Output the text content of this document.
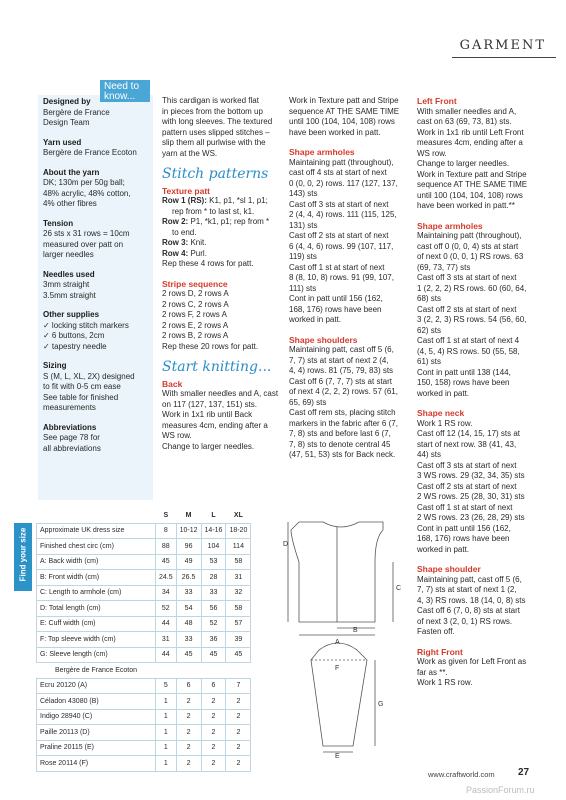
GARMENT
Need to know...
Designed by
Bergère de France
Design Team
Yarn used
Bergère de France Ecoton
About the yarn
DK; 130m per 50g ball;
48% acrylic, 48% cotton,
4% other fibres
Tension
26 sts x 31 rows = 10cm
measured over patt on
larger needles
Needles used
3mm straight
3.5mm straight
Other supplies
✓ locking stitch markers
✓ 6 buttons, 2cm
✓ tapestry needle
Sizing
S (M, L, XL, 2X) designed
to fit with 0-5 cm ease
See table for finished
measurements
Abbreviations
See page 78 for
all abbreviations

This cardigan is worked flat

in pieces from the bottom up

with long sleeves. The textured

pattern uses slipped stitches –

slip them all purlwise with the

yarn at the WS.

Stitch patterns
Texture patt

Row 1 (RS): K1, p1, *sl 1, p1;

rep from * to last st, k1.

Row 2: P1, *k1, p1; rep from *

to end.

Row 3: Knit.

Row 4: Purl.

Rep these 4 rows for patt.

Stripe sequence

2 rows D, 2 rows A

2 rows C, 2 rows A

2 rows F, 2 rows A

2 rows E, 2 rows A

2 rows B, 2 rows A

Rep these 20 rows for patt.

Start knitting...
Back

With smaller needles and A, cast

on 117 (127, 137, 151) sts.

Work in 1x1 rib until Back

measures 4cm, ending after a

WS row.

Change to larger needles.

Work in Texture patt and Stripe

sequence AT THE SAME TIME

until 100 (104, 104, 108) rows

have been worked in patt.

Shape armholes

Maintaining patt (throughout),

cast off 4 sts at start of next

0 (0, 0, 2) rows. 117 (127, 137,

143) sts

Cast off 3 sts at start of next

2 (4, 4, 4) rows. 111 (115, 125,

131) sts

Cast off 2 sts at start of next

6 (4, 4, 6) rows. 99 (107, 117,

119) sts

Cast off 1 st at start of next

8 (8, 10, 8) rows. 91 (99, 107,

111) sts

Cont in patt until 156 (162,

168, 176) rows have been

worked in patt.

Shape shoulders

Maintaining patt, cast off 5 (6,

7, 7) sts at start of next 2 (4,

4, 4) rows. 81 (75, 79, 83) sts

Cast off 6 (7, 7, 7) sts at start

of next 4 (2, 2, 2) rows. 57 (61,

65, 69) sts

Cast off rem sts, placing stitch

markers in the fabric after 6 (7,

7, 8) sts and before last 6 (7,

7, 8) sts to denote central 45

(47, 51, 53) sts for Back neck.

Left Front

With smaller needles and A,

cast on 63 (69, 73, 81) sts.

Work in 1x1 rib until Left Front

measures 4cm, ending after a

WS row.

Change to larger needles.

Work in Texture patt and Stripe

sequence AT THE SAME TIME

until 100 (104, 104, 108) rows

have been worked in patt.**

Shape armholes

Maintaining patt (throughout),

cast off 0 (0, 0, 4) sts at start

of next 0 (0, 0, 1) RS rows. 63

(69, 73, 77) sts

Cast off 3 sts at start of next

1 (2, 2, 2) RS rows. 60 (60, 64,

68) sts

Cast off 2 sts at start of next

3 (2, 2, 3) RS rows. 54 (56, 60,

62) sts

Cast off 1 st at start of next 4

(4, 5, 4) RS rows. 50 (55, 58,

61) sts

Cont in patt until 138 (144,

150, 158) rows have been

worked in patt.

Shape neck

Work 1 RS row.

Cast off 12 (14, 15, 17) sts at

start of next row. 38 (41, 43,

44) sts

Cast off 3 sts at start of next

3 WS rows. 29 (32, 34, 35) sts

Cast off 2 sts at start of next

2 WS rows. 25 (28, 30, 31) sts

Cast off 1 st at start of next

2 WS rows. 23 (26, 28, 29) sts

Cont in patt until 156 (162,

168, 176) rows have been

worked in patt.

Shape shoulder

Maintaining patt, cast off 5 (6,

7, 7) sts at start of next 1 (2,

4, 3) RS rows. 18 (14, 0, 8) sts

Cast off 6 (7, 0, 8) sts at start

of next 3 (2, 0, 1) RS rows.

Fasten off.

Right Front

Work as given for Left Front as

far as **.

Work 1 RS row.

Find your size
	S	M	L	XL
Approximate UK dress size	8	10-12	14-16	18-20
Finished chest circ (cm)	88	96	104	114
A: Back width (cm)	45	49	53	58
B: Front width (cm)	24.5	26.5	28	31
C: Length to armhole (cm)	34	33	33	32
D: Total length (cm)	52	54	56	58
E: Cuff width (cm)	44	48	52	57
F: Top sleeve width (cm)	31	33	36	39
G: Sleeve length (cm)	44	45	45	45
Bergère de France Ecoton				
Ecru 20120 (A)	5	6	6	7
Céladon 43080 (B)	1	2	2	2
Indigo 28940 (C)	1	2	2	2
Paille 20113 (D)	1	2	2	2
Praline 20115 (E)	1	2	2	2
Rose 20114 (F)	1	2	2	2
D
C
B
A
F
G
E
www.craftworld.com 27
PassionForum.ru
